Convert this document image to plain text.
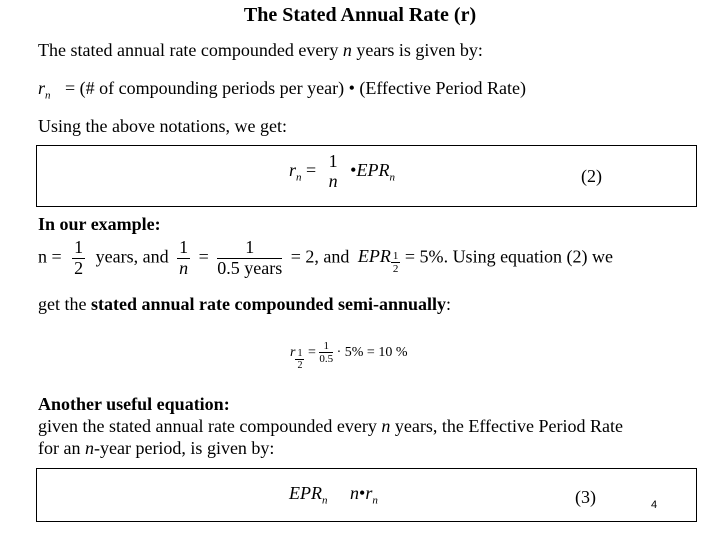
The Stated Annual Rate (r)
The stated annual rate compounded every n years is given by:
$r_n$ = (# of compounding periods per year) • (Effective Period Rate)
Using the above notations, we get:
$r_n = 1$
n
$•EPR_n$	(2)
In our example:
$n = \frac{1}{2}$ years, and $\frac{1}{n} = \frac{1}{\text{0.5 years}} = 2$, and EPR $\frac{1}{2} = 5\%$. Using equation (2) we
get the stated annual rate compounded semi-annually:
r $\frac{1}{2} = \frac{1}{0.5} \cdot 5\% = 10$ %
Another useful equation:
given the stated annual rate compounded every n years, the Effective Period Rate
for an n-year period, is given by:
$EPR_n$ $n•r_n$	(3)	4
